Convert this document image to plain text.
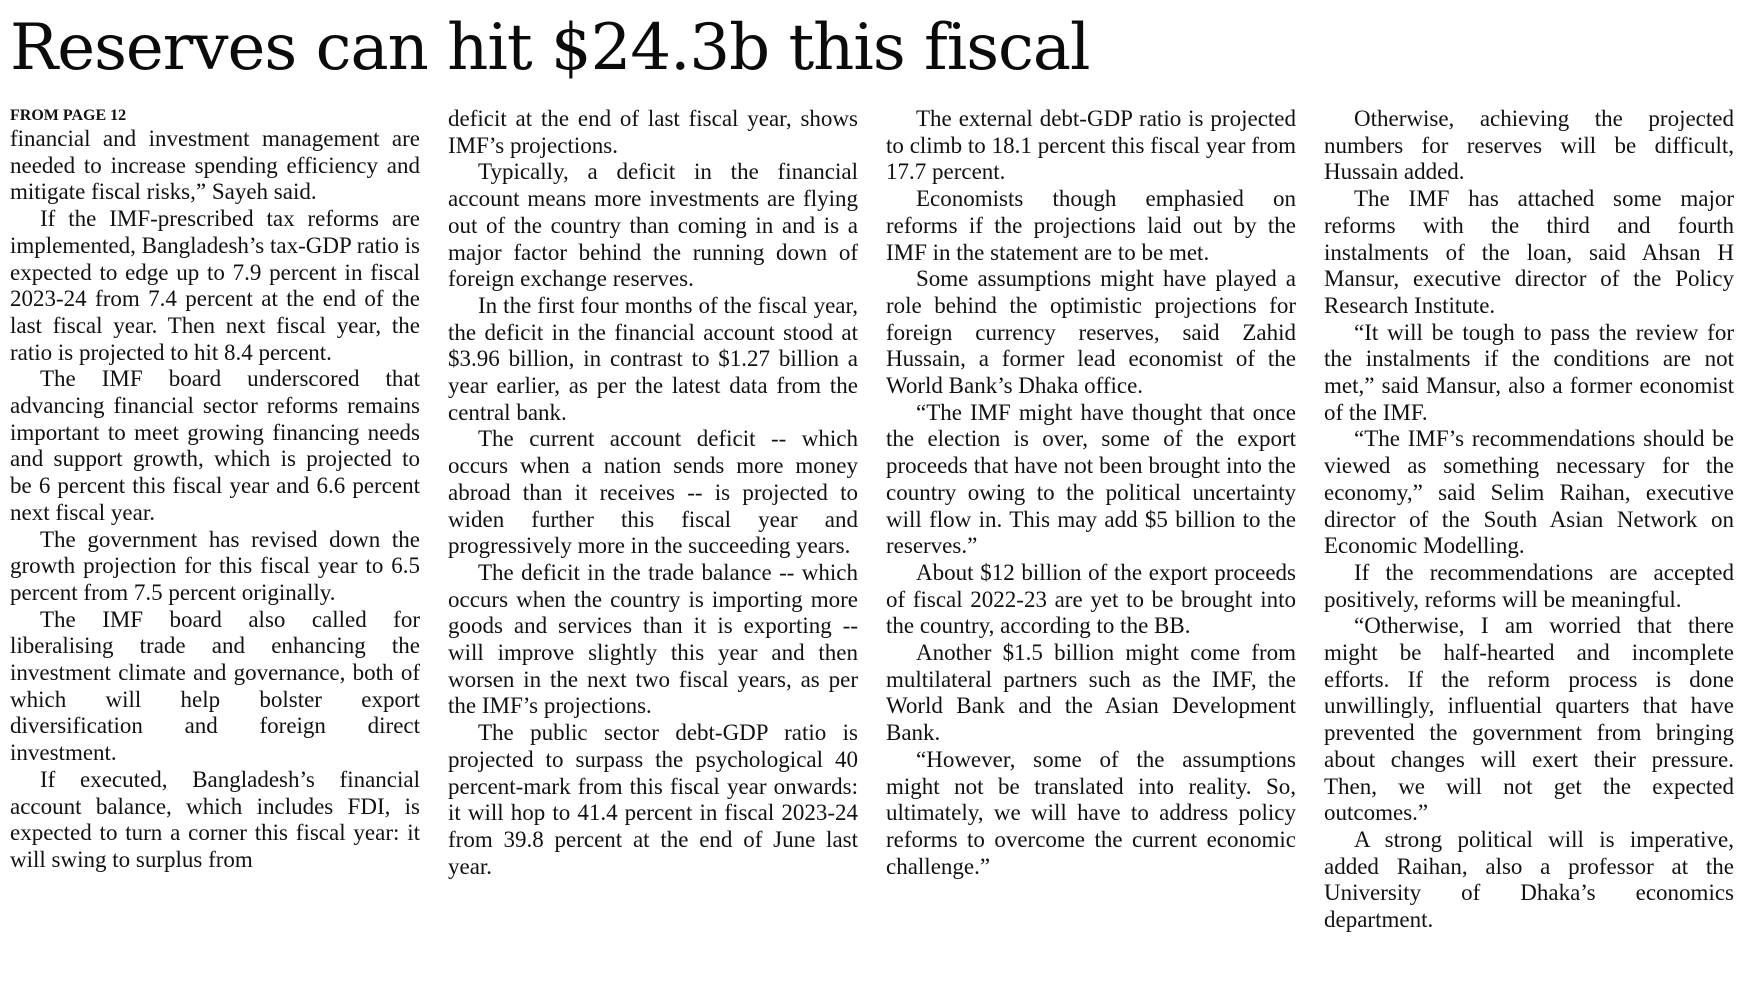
Reserves can hit $24.3b this fiscal
FROM PAGE 12

financial and investment management are needed to increase spending efficiency and mitigate fiscal risks,” Sayeh said.

If the IMF-prescribed tax reforms are implemented, Bangladesh’s tax-GDP ratio is expected to edge up to 7.9 percent in fiscal 2023-24 from 7.4 percent at the end of the last fiscal year. Then next fiscal year, the ratio is projected to hit 8.4 percent.

The IMF board underscored that advancing financial sector reforms remains important to meet growing financing needs and support growth, which is projected to be 6 percent this fiscal year and 6.6 percent next fiscal year.

The government has revised down the growth projection for this fiscal year to 6.5 percent from 7.5 percent originally.

The IMF board also called for liberalising trade and enhancing the investment climate and governance, both of which will help bolster export diversification and foreign direct investment.

If executed, Bangladesh’s financial account balance, which includes FDI, is expected to turn a corner this fiscal year: it will swing to surplus from

deficit at the end of last fiscal year, shows IMF’s projections.

Typically, a deficit in the financial account means more investments are flying out of the country than coming in and is a major factor behind the running down of foreign exchange reserves.

In the first four months of the fiscal year, the deficit in the financial account stood at $3.96 billion, in contrast to $1.27 billion a year earlier, as per the latest data from the central bank.

The current account deficit -- which occurs when a nation sends more money abroad than it receives -- is projected to widen further this fiscal year and progressively more in the succeeding years.

The deficit in the trade balance -- which occurs when the country is importing more goods and services than it is exporting -- will improve slightly this year and then worsen in the next two fiscal years, as per the IMF’s projections.

The public sector debt-GDP ratio is projected to surpass the psychological 40 percent-mark from this fiscal year onwards: it will hop to 41.4 percent in fiscal 2023-24 from 39.8 percent at the end of June last year.

The external debt-GDP ratio is projected to climb to 18.1 percent this fiscal year from 17.7 percent.

Economists though emphasied on reforms if the projections laid out by the IMF in the statement are to be met.

Some assumptions might have played a role behind the optimistic projections for foreign currency reserves, said Zahid Hussain, a former lead economist of the World Bank’s Dhaka office.

“The IMF might have thought that once the election is over, some of the export proceeds that have not been brought into the country owing to the political uncertainty will flow in. This may add $5 billion to the reserves.”

About $12 billion of the export proceeds of fiscal 2022-23 are yet to be brought into the country, according to the BB.

Another $1.5 billion might come from multilateral partners such as the IMF, the World Bank and the Asian Development Bank.

“However, some of the assumptions might not be translated into reality. So, ultimately, we will have to address policy reforms to overcome the current economic challenge.”

Otherwise, achieving the projected numbers for reserves will be difficult, Hussain added.

The IMF has attached some major reforms with the third and fourth instalments of the loan, said Ahsan H Mansur, executive director of the Policy Research Institute.

“It will be tough to pass the review for the instalments if the conditions are not met,” said Mansur, also a former economist of the IMF.

“The IMF’s recommendations should be viewed as something necessary for the economy,” said Selim Raihan, executive director of the South Asian Network on Economic Modelling.

If the recommendations are accepted positively, reforms will be meaningful.

“Otherwise, I am worried that there might be half-hearted and incomplete efforts. If the reform process is done unwillingly, influential quarters that have prevented the government from bringing about changes will exert their pressure. Then, we will not get the expected outcomes.”

A strong political will is imperative, added Raihan, also a professor at the University of Dhaka’s economics department.
